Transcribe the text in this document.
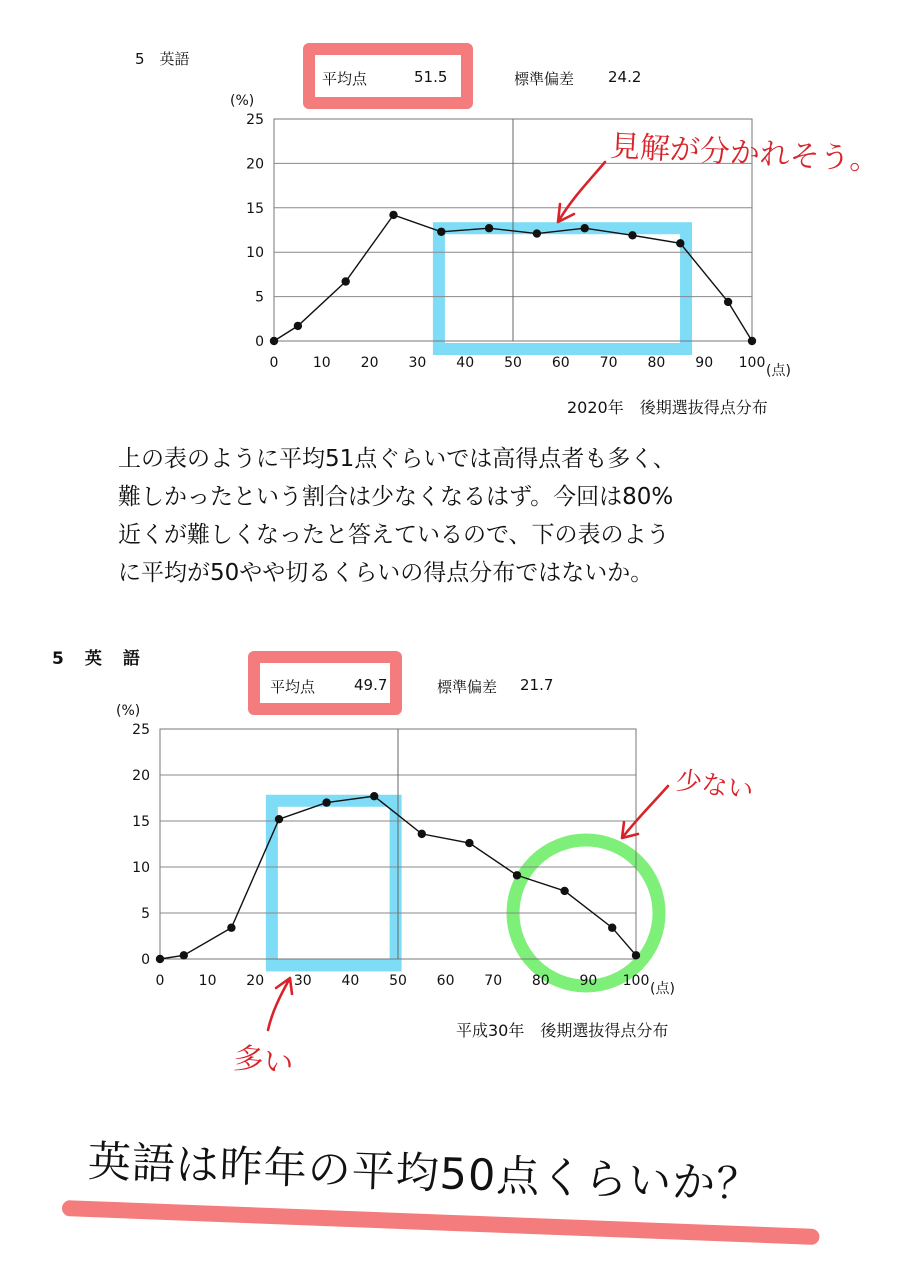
5　英語
平均点	51.5	標準偏差 24.2
0
5
10
15
20
25
0 10 20 30 40 50 60 70 80 90 100
(%)
(点)
2020年　後期選抜得点分布
見解が分かれそう。
上の表のように平均51点ぐらいでは高得点者も多く、
難しかったという割合は少なくなるはず。今回は80%
近くが難しくなったと答えているので、下の表のよう
に平均が50やや切るくらいの得点分布ではないか。
5　英　語
平均点	49.7	標準偏差 21.7
0
5
10
15
20
25
0 10 20 30 40 50 60 70 80 90 100
(%)
(点)
平成30年　後期選抜得点分布
多い
少ない
英語は昨年の平均50点くらいか？
